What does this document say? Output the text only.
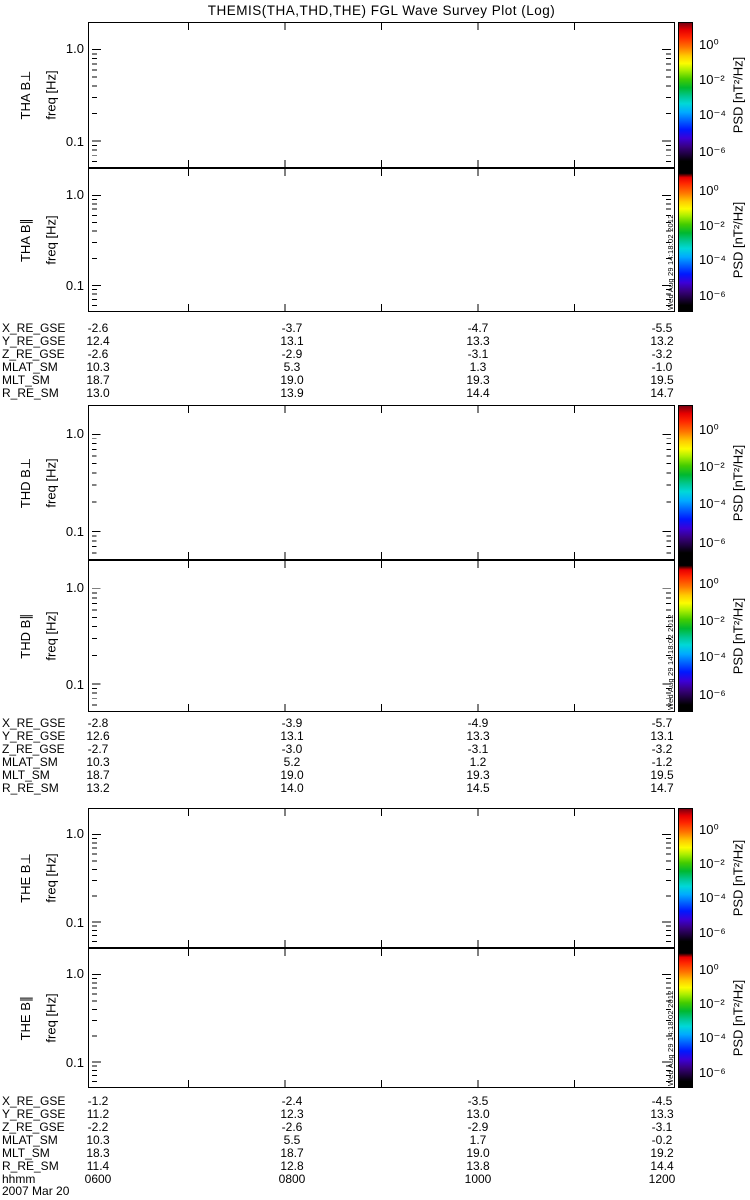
THEMIS(THA,THD,THE) FGL Wave Survey Plot (Log)
THA B⊥ freq [Hz]
1.0
0.1
10⁰
10⁻²
10⁻⁴
10⁻⁶
PSD [nT²/Hz]
THA B∥ freq [Hz]
1.0
0.1
10⁰
10⁻²
10⁻⁴
10⁻⁶
PSD [nT²/Hz]
Wed Aug 29 14:18:02 2012
X_RE_GSE	-2.6	-3.7	-4.7	-5.5
Y_RE_GSE	12.4	13.1	13.3	13.2
Z_RE_GSE	-2.6	-2.9	-3.1	-3.2
MLAT_SM	10.3	5.3	1.3	-1.0
MLT_SM	18.7	19.0	19.3	19.5
R_RE_SM	13.0	13.9	14.4	14.7
THD B⊥ freq [Hz]
1.0
0.1
10⁰
10⁻²
10⁻⁴
10⁻⁶
PSD [nT²/Hz]
THD B∥ freq [Hz]
1.0
0.1
10⁰
10⁻²
10⁻⁴
10⁻⁶
PSD [nT²/Hz]
Wed Aug 29 14:18:02 2012
X_RE_GSE	-2.8	-3.9	-4.9	-5.7
Y_RE_GSE	12.6	13.1	13.3	13.1
Z_RE_GSE	-2.7	-3.0	-3.1	-3.2
MLAT_SM	10.3	5.2	1.2	-1.2
MLT_SM	18.7	19.0	19.3	19.5
R_RE_SM	13.2	14.0	14.5	14.7
THE B⊥ freq [Hz]
1.0
0.1
10⁰
10⁻²
10⁻⁴
10⁻⁶
PSD [nT²/Hz]
THE B∥ freq [Hz]
1.0
0.1
10⁰
10⁻²
10⁻⁴
10⁻⁶
PSD [nT²/Hz]
Wed Aug 29 14:18:02 2012
X_RE_GSE	-1.2	-2.4	-3.5	-4.5
Y_RE_GSE	11.2	12.3	13.0	13.3
Z_RE_GSE	-2.2	-2.6	-2.9	-3.1
MLAT_SM	10.3	5.5	1.7	-0.2
MLT_SM	18.3	18.7	19.0	19.2
R_RE_SM	11.4	12.8	13.8	14.4
hhmm	0600	0800	1000	1200
2007 Mar 20
